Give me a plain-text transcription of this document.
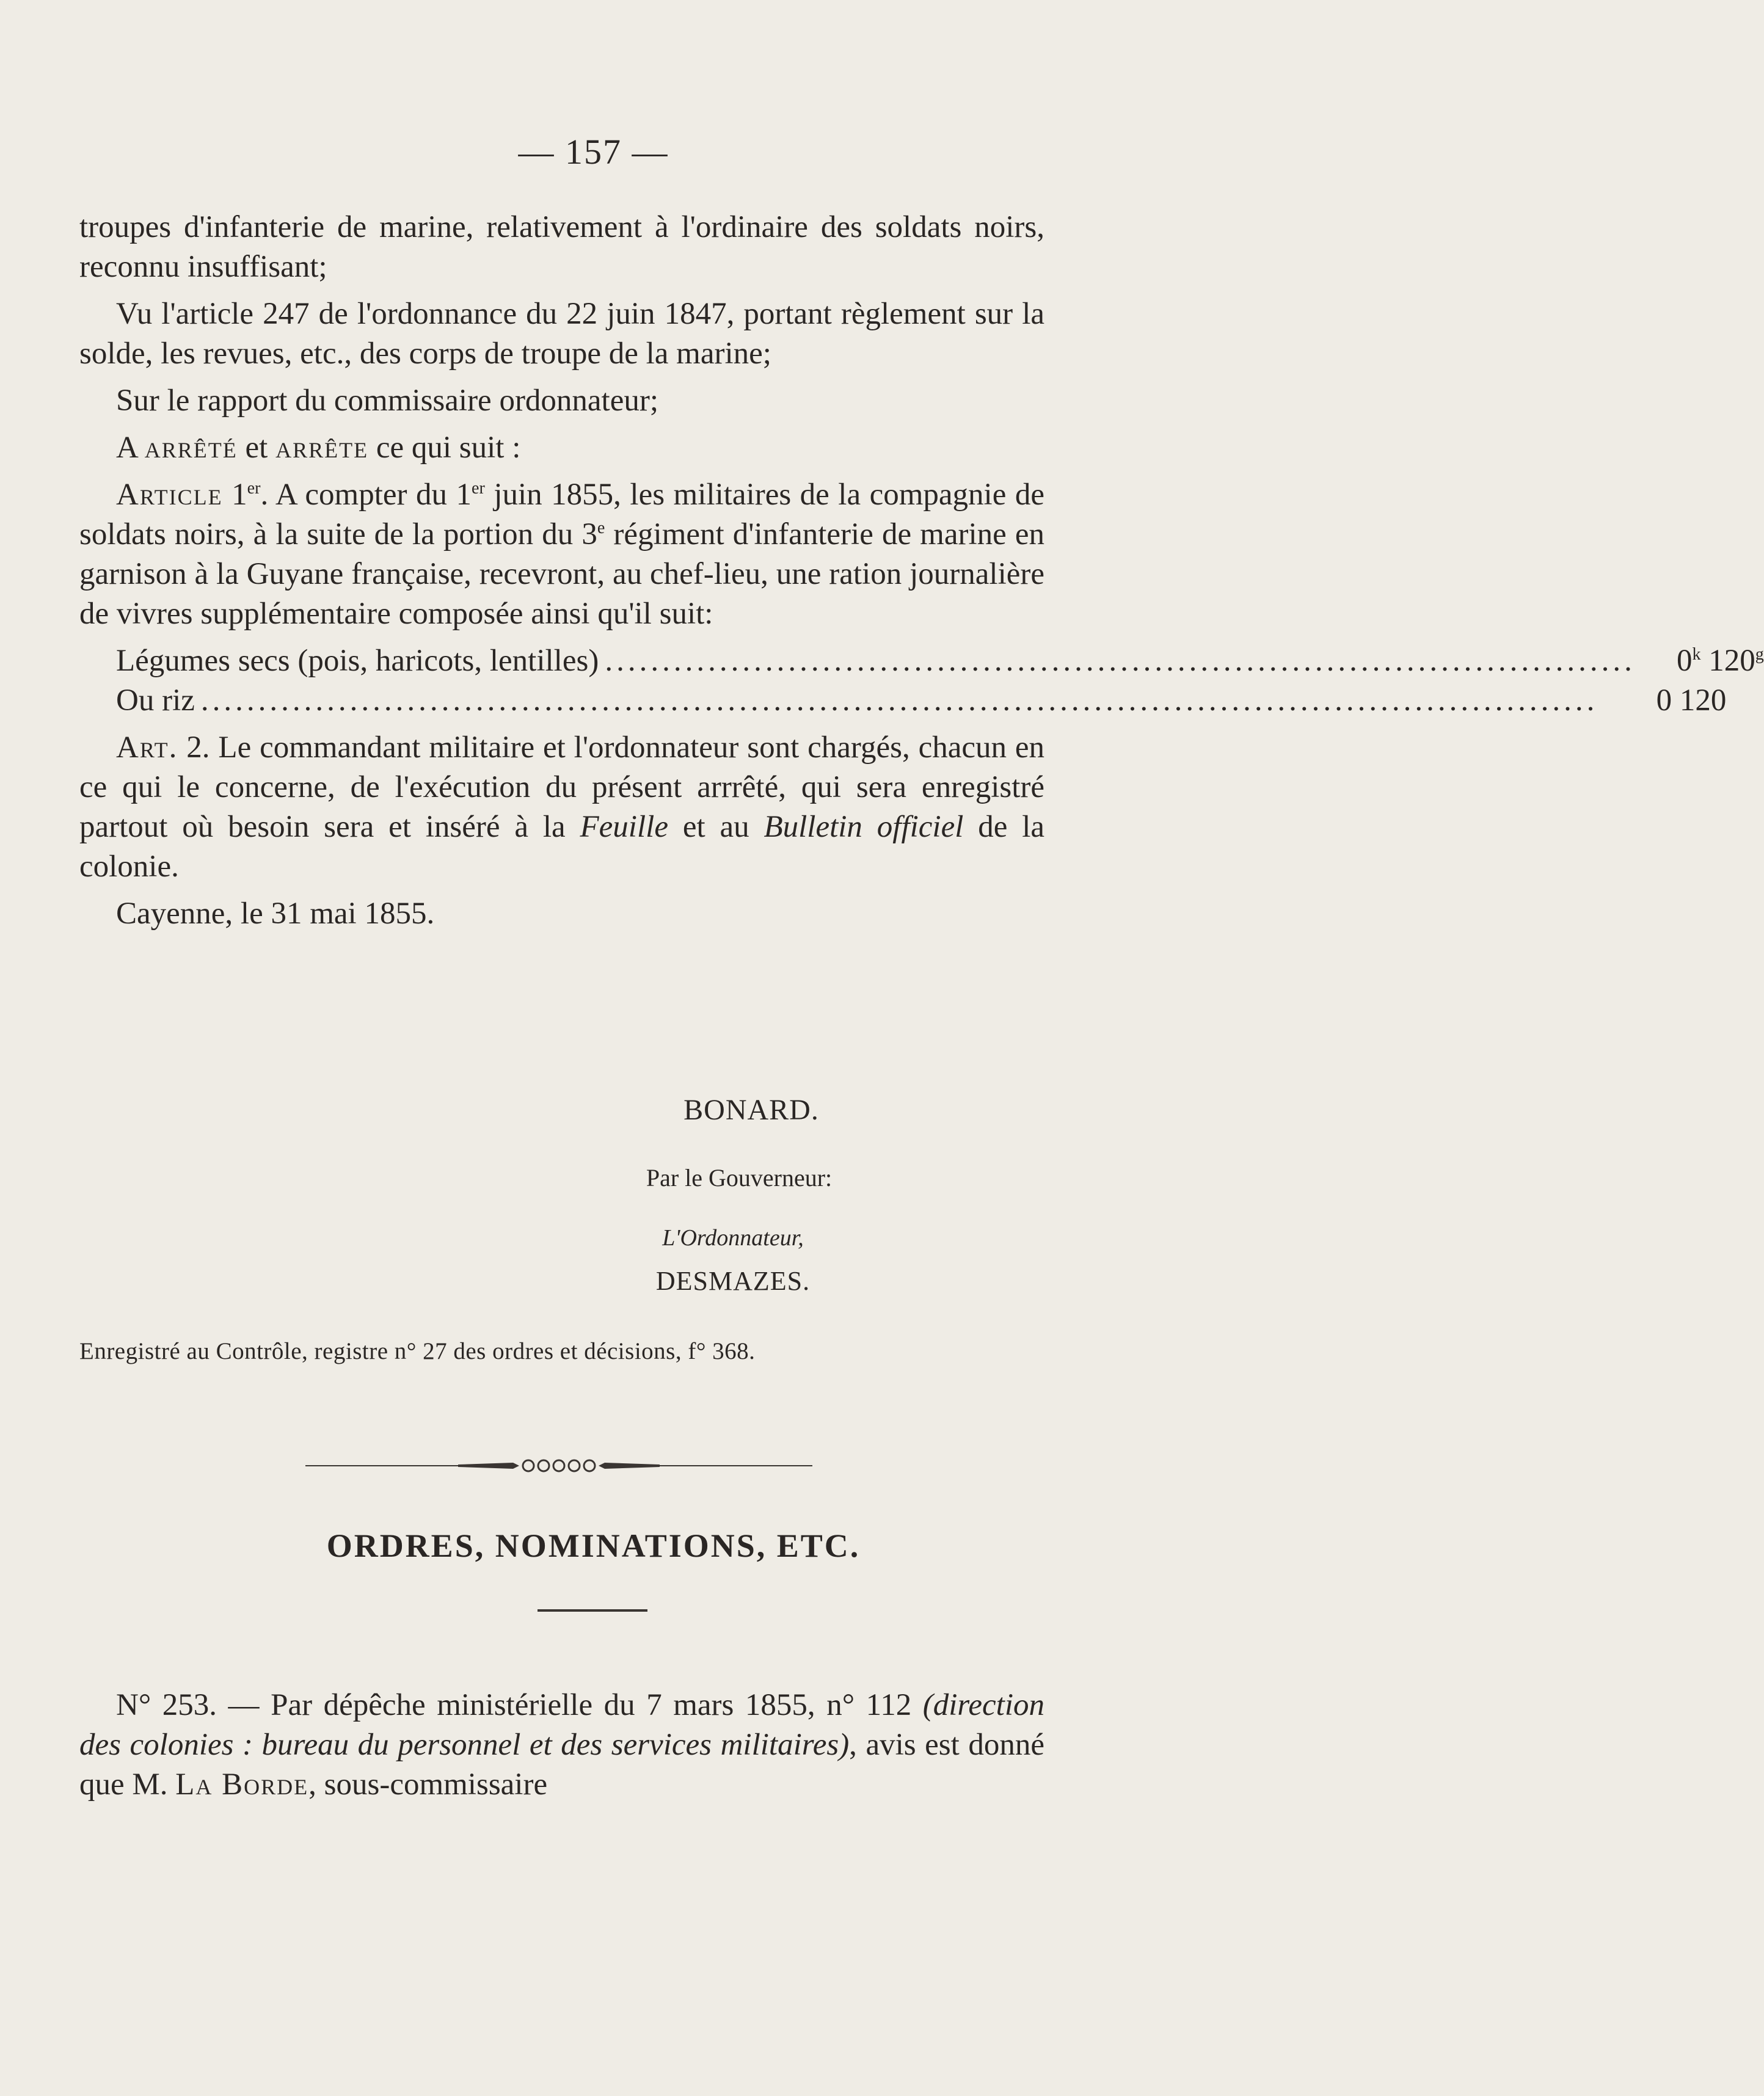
— 157 —

troupes d'infanterie de marine, relativement à l'ordinaire des soldats noirs, reconnu insuffisant;

Vu l'article 247 de l'ordonnance du 22 juin 1847, portant règlement sur la solde, les revues, etc., des corps de troupe de la marine;

Sur le rapport du commissaire ordonnateur;

A arrêté et arrête ce qui suit :

Article 1er. A compter du 1er juin 1855, les militaires de la compagnie de soldats noirs, à la suite de la portion du 3e régiment d'infanterie de marine en garnison à la Guyane française, recevront, au chef-lieu, une ration journalière de vivres supplémentaire composée ainsi qu'il suit:

Légumes secs (pois, haricots, lentilles) ..........................................................................................	0$^k$ 120$^g$

Ou riz ..........................................................................................................................	0 120

Art. 2. Le commandant militaire et l'ordonnateur sont chargés, chacun en ce qui le concerne, de l'exécution du présent arrrêté, qui sera enregistré partout où besoin sera et inséré à la Feuille et au Bulletin officiel de la colonie.

Cayenne, le 31 mai 1855.

BONARD.
Par le Gouverneur:
L'Ordonnateur,
DESMAZES.
Enregistré au Contrôle, registre n° 27 des ordres et décisions, f° 368.
ORDRES, NOMINATIONS, ETC.

N° 253. — Par dépêche ministérielle du 7 mars 1855, n° 112 (direction des colonies : bureau du personnel et des services militaires), avis est donné que M. La Borde, sous-commissaire
